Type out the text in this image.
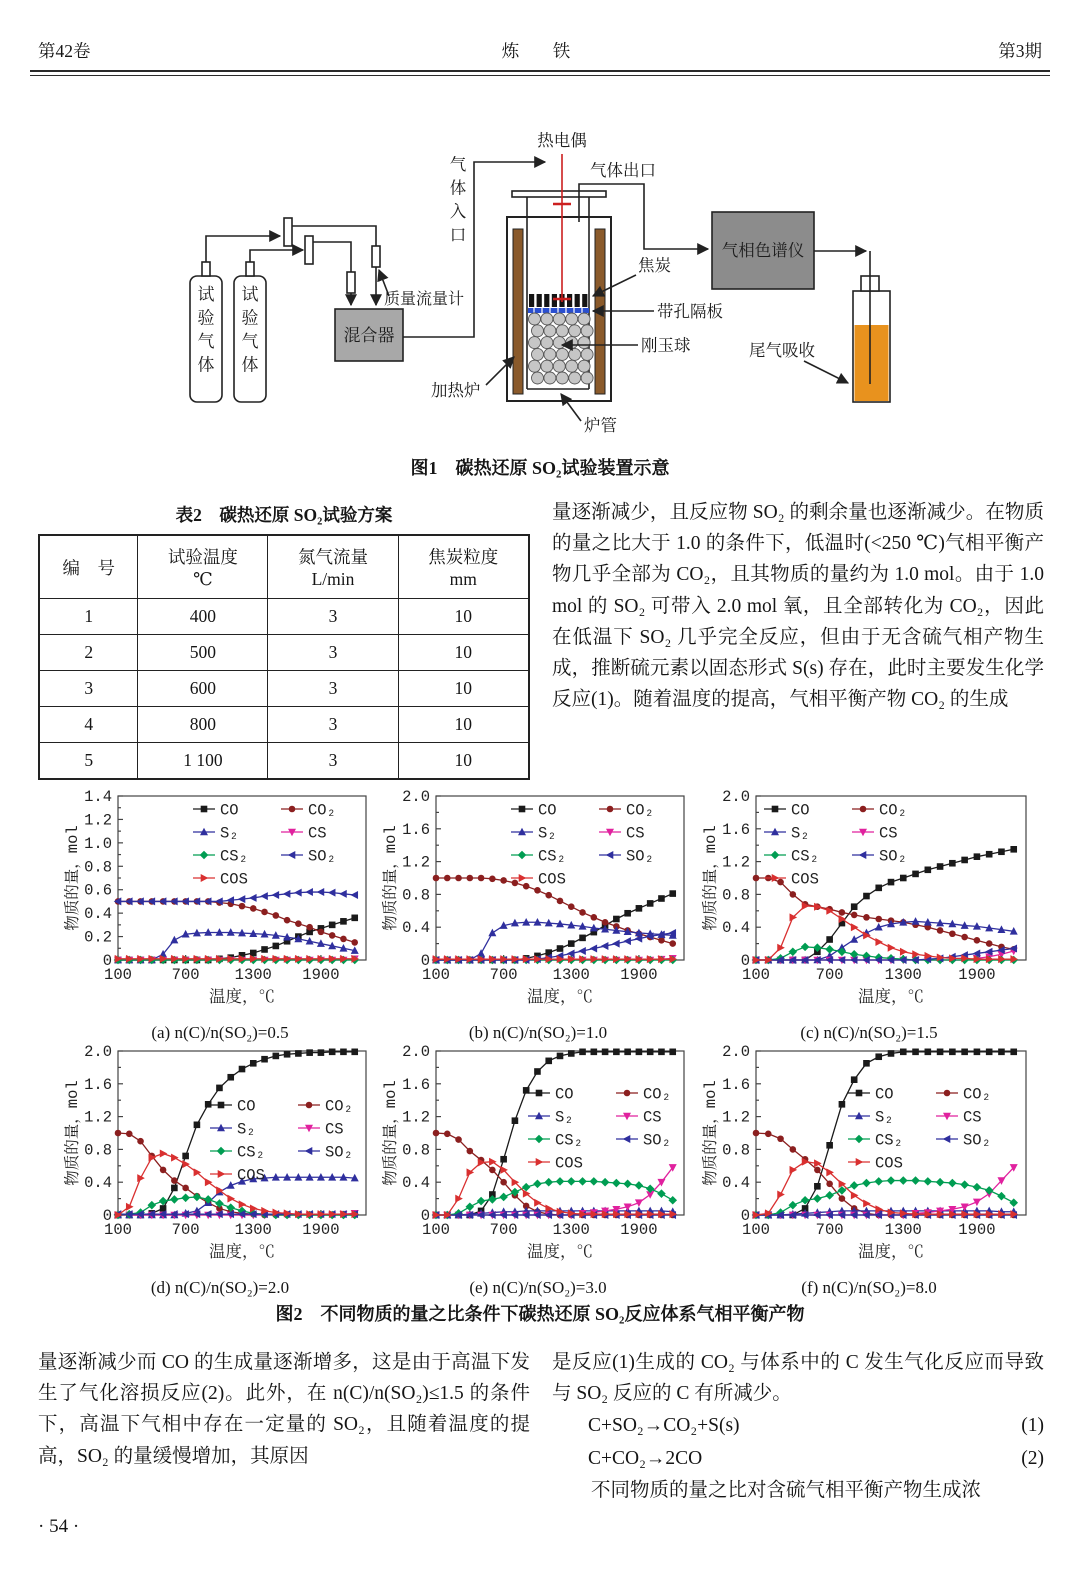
第42卷	炼　铁	第3期
试验气体
试验气体
质量流量计
混合器
气体入口
热电偶
气体出口
焦炭
带孔隔板
刚玉球
加热炉
炉管
气相色谱仪
尾气吸收
图1　碳热还原 SO₂试验装置示意
表2　碳热还原 SO₂试验方案
编　号

试验温度
℃

氮气流量
L/min

焦炭粒度
mm

1	400	3	10
2	500	3	10
3	600	3	10
4	800	3	10
5	1 100	3	10
量逐渐减少，且反应物 SO₂ 的剩余量也逐渐减少。在物质的量之比大于 1.0 的条件下，低温时(<250 ℃)气相平衡产物几乎全部为 CO₂，且其物质的量约为 1.0 mol。由于 1.0 mol 的 SO₂ 可带入 2.0 mol 氧，且全部转化为 CO₂，因此在低温下 SO₂ 几乎完全反应，但由于无含硫气相产物生成，推断硫元素以固态形式 S(s) 存在，此时主要发生化学反应(1)。随着温度的提高，气相平衡产物 CO₂ 的生成
0
0.2
0.4
0.6
0.8
1.0
1.2
1.4
100	700 1300 1900
物质的量，mol
温度，℃
CO	CO₂
S₂	CS
CS₂	SO₂
COS
(a) n(C)/n(SO₂)=0.5
0
0.4
0.8
1.2
1.6
2.0
100	700 1300 1900
物质的量，mol
温度，℃
CO	CO₂
S₂	CS
CS₂	SO₂
COS
(b) n(C)/n(SO₂)=1.0
0
0.4
0.8
1.2
1.6
2.0
100	700	1300 1900
物质的量，mol
温度，℃
CO	CO₂
S₂	CS
CS₂	SO₂
COS
(c) n(C)/n(SO₂)=1.5
0
0.4
0.8
1.2
1.6
2.0
100	700 1300 1900
物质的量，mol
温度，℃
CO	CO₂
S₂	CS
CS₂	SO₂
COS
(d) n(C)/n(SO₂)=2.0
0
0.4
0.8
1.2
1.6
2.0
100	700 1300 1900
物质的量，mol
温度，℃
CO	CO₂
S₂	CS
CS₂	SO₂
COS
(e) n(C)/n(SO₂)=3.0
0
0.4
0.8
1.2
1.6
2.0
100	700	1300 1900
物质的量，mol
温度，℃
CO	CO₂
S₂	CS
CS₂	SO₂
COS
(f) n(C)/n(SO₂)=8.0
图2　不同物质的量之比条件下碳热还原 SO₂反应体系气相平衡产物
量逐渐减少而 CO 的生成量逐渐增多，这是由于高温下发生了气化溶损反应(2)。此外，在 n(C)/n(SO₂)≤1.5 的条件下，高温下气相中存在一定量的 SO₂，且随着温度的提高，SO₂ 的量缓慢增加，其原因
是反应(1)生成的 CO₂ 与体系中的 C 发生气化反应而导致与 SO₂ 反应的 C 有所减少。
C+SO₂→CO₂+S(s)	(1)
C+CO₂→2CO	(2)
不同物质的量之比对含硫气相平衡产物生成浓
· 54 ·
